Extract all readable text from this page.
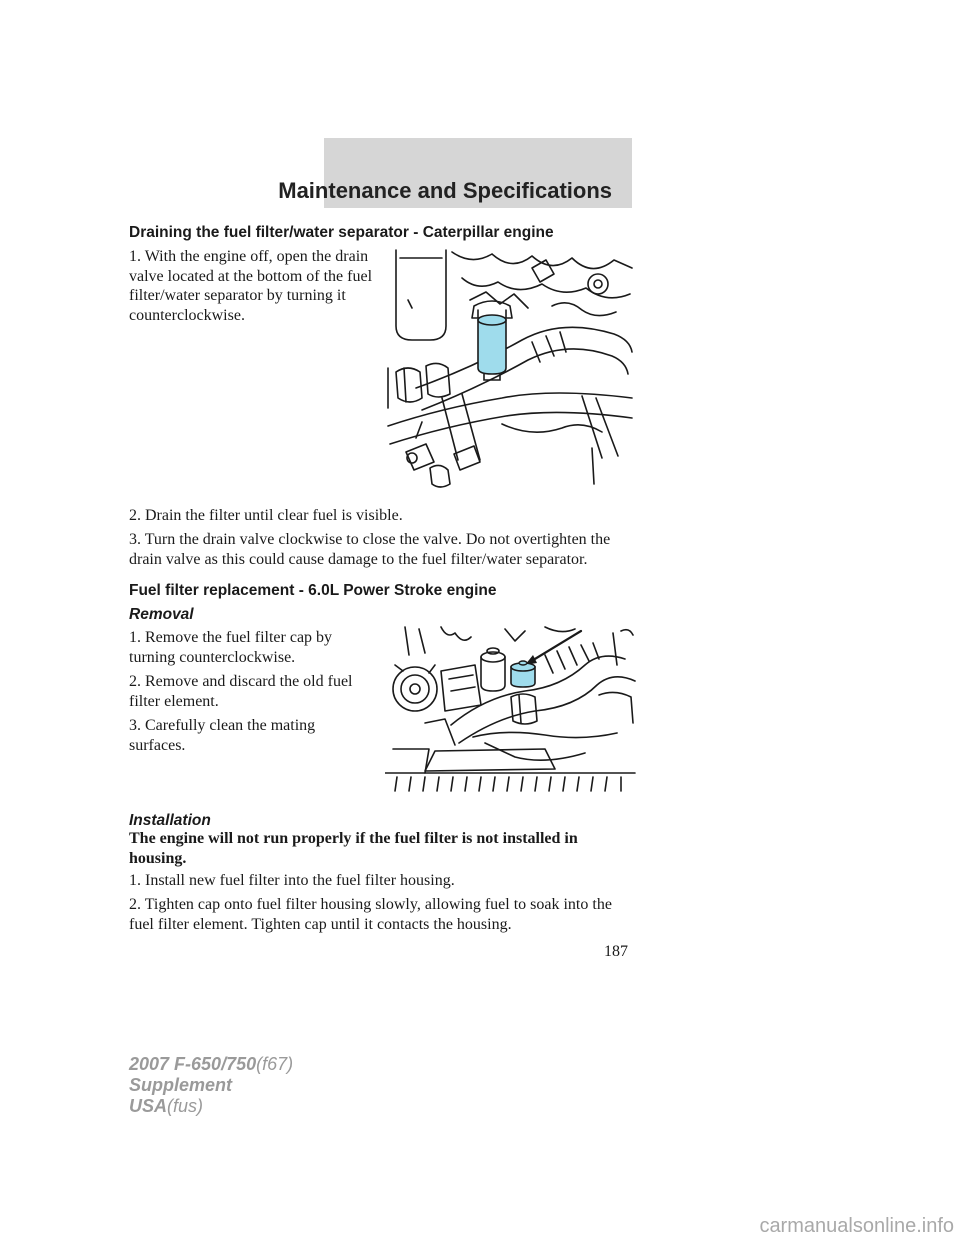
Maintenance and Specifications
Draining the fuel filter/water separator - Caterpillar engine
1. With the engine off, open the drain valve located at the bottom of the fuel filter/water separator by turning it counterclockwise.
2. Drain the filter until clear fuel is visible.
3. Turn the drain valve clockwise to close the valve. Do not overtighten the drain valve as this could cause damage to the fuel filter/water separator.
Fuel filter replacement - 6.0L Power Stroke engine
Removal
1. Remove the fuel filter cap by turning counterclockwise.
2. Remove and discard the old fuel filter element.
3. Carefully clean the mating surfaces.
Installation
The engine will not run properly if the fuel filter is not installed in housing.
1. Install new fuel filter into the fuel filter housing.
2. Tighten cap onto fuel filter housing slowly, allowing fuel to soak into the fuel filter element. Tighten cap until it contacts the housing.
187
2007 F-650/750(f67)
Supplement
USA(fus)
carmanualsonline.info
